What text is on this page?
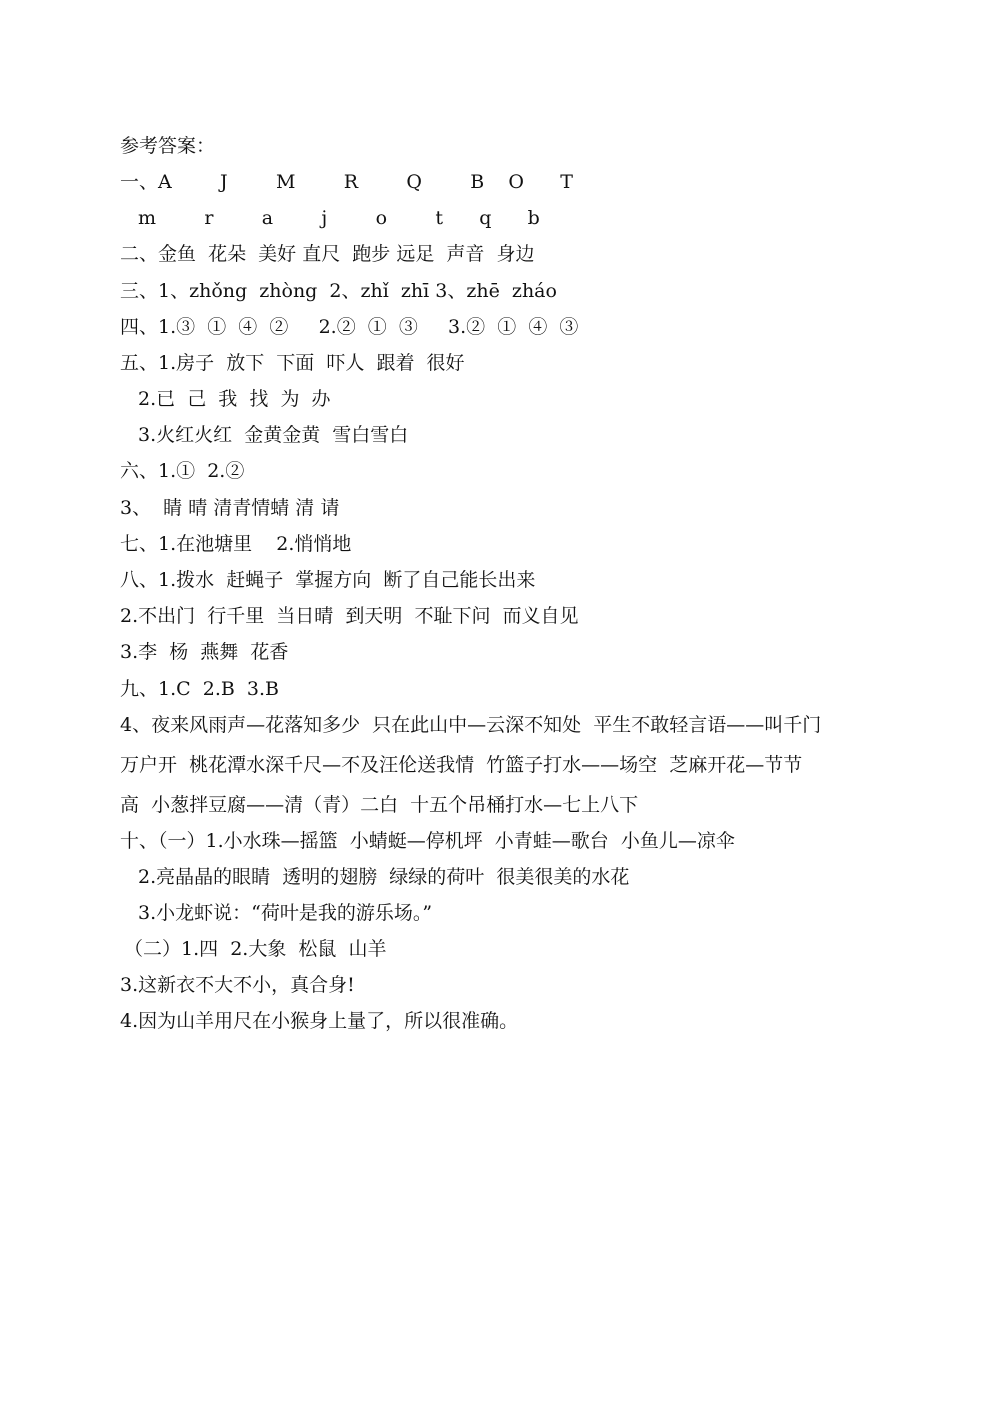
参考答案：
一、A        J        M        R        Q        B    O      T
m        r        a        j        o        t      q      b
二、金鱼  花朵  美好 直尺  跑步 远足  声音  身边
三、1、zhǒng  zhòng  2、zhǐ  zhī 3、zhē  zháo
四、1.③  ①  ④  ②     2.②  ①  ③     3.②  ①  ④  ③
五、1.房子  放下  下面  吓人  跟着  很好
2.已  己  我  找  为  办
3.火红火红  金黄金黄  雪白雪白
六、1.①  2.②
3、  睛 晴 清青情蜻 清 请
七、1.在池塘里    2.悄悄地
八、1.拨水  赶蝇子  掌握方向  断了自己能长出来
2.不出门  行千里  当日晴  到天明  不耻下问  而义自见
3.李  杨  燕舞  花香
九、1.C  2.B  3.B
4、夜来风雨声—花落知多少  只在此山中—云深不知处  平生不敢轻言语——叫千门
万户开  桃花潭水深千尺—不及汪伦送我情  竹篮子打水——场空  芝麻开花—节节
高  小葱拌豆腐——清（青）二白  十五个吊桶打水—七上八下
十、（一）1.小水珠—摇篮  小蜻蜓—停机坪  小青蛙—歌台  小鱼儿—凉伞
2.亮晶晶的眼睛  透明的翅膀  绿绿的荷叶  很美很美的水花
3.小龙虾说：“荷叶是我的游乐场。”
（二）1.四  2.大象  松鼠  山羊
3.这新衣不大不小，真合身!
4.因为山羊用尺在小猴身上量了，所以很准确。
